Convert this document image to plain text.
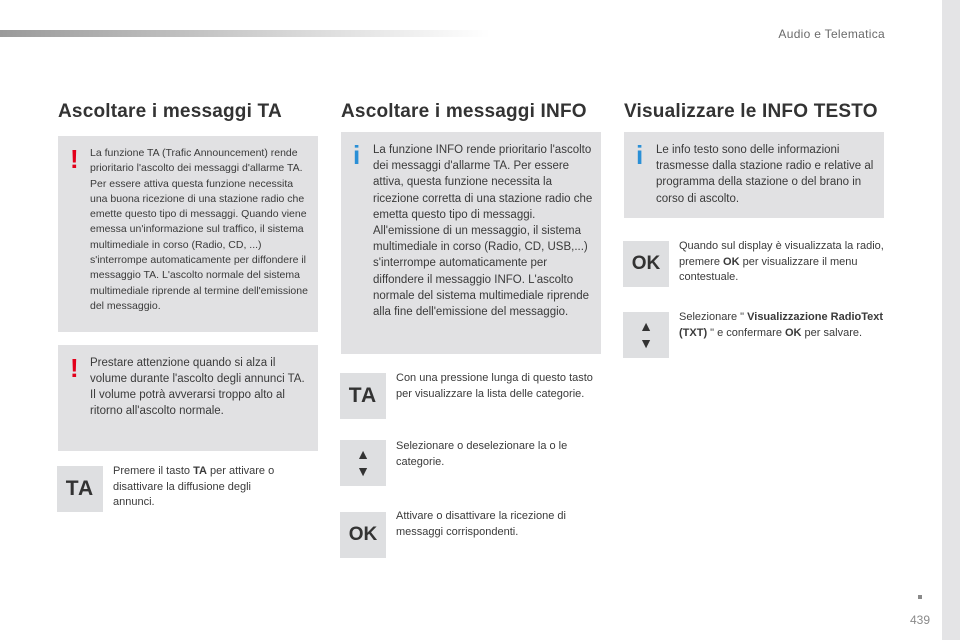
Audio e Telematica
Ascoltare i messaggi TA
! La funzione TA (Trafic Announcement) rende prioritario l'ascolto dei messaggi d'allarme TA. Per essere attiva questa funzione necessita una buona ricezione di una stazione radio che emette questo tipo di messaggi. Quando viene emessa un'informazione sul traffico, il sistema multimediale in corso (Radio, CD, ...) s'interrompe automaticamente per diffondere il messaggio TA. L'ascolto normale del sistema multimediale riprende al termine dell'emissione del messaggio.
! Prestare attenzione quando si alza il volume durante l'ascolto degli annunci TA. Il volume potrà avverarsi troppo alto al ritorno all'ascolto normale.
TA
Premere il tasto TA per attivare o disattivare la diffusione degli annunci.
Ascoltare i messaggi INFO
i La funzione INFO rende prioritario l'ascolto dei messaggi d'allarme TA. Per essere attiva, questa funzione necessita la ricezione corretta di una stazione radio che emetta questo tipo di messaggi. All'emissione di un messaggio, il sistema multimediale in corso (Radio, CD, USB,...) s'interrompe automaticamente per diffondere il messaggio INFO. L'ascolto normale del sistema multimediale riprende alla fine dell'emissione del messaggio.
TA
Con una pressione lunga di questo tasto per visualizzare la lista delle categorie.
▲
▼
Selezionare o deselezionare la o le categorie.
OK
Attivare o disattivare la ricezione di messaggi corrispondenti.
Visualizzare le INFO TESTO
i Le info testo sono delle informazioni trasmesse dalla stazione radio e relative al programma della stazione o del brano in corso di ascolto.
OK
Quando sul display è visualizzata la radio, premere OK per visualizzare il menu contestuale.
▲
▼
Selezionare " Visualizzazione RadioText (TXT) " e confermare OK per salvare.
439
